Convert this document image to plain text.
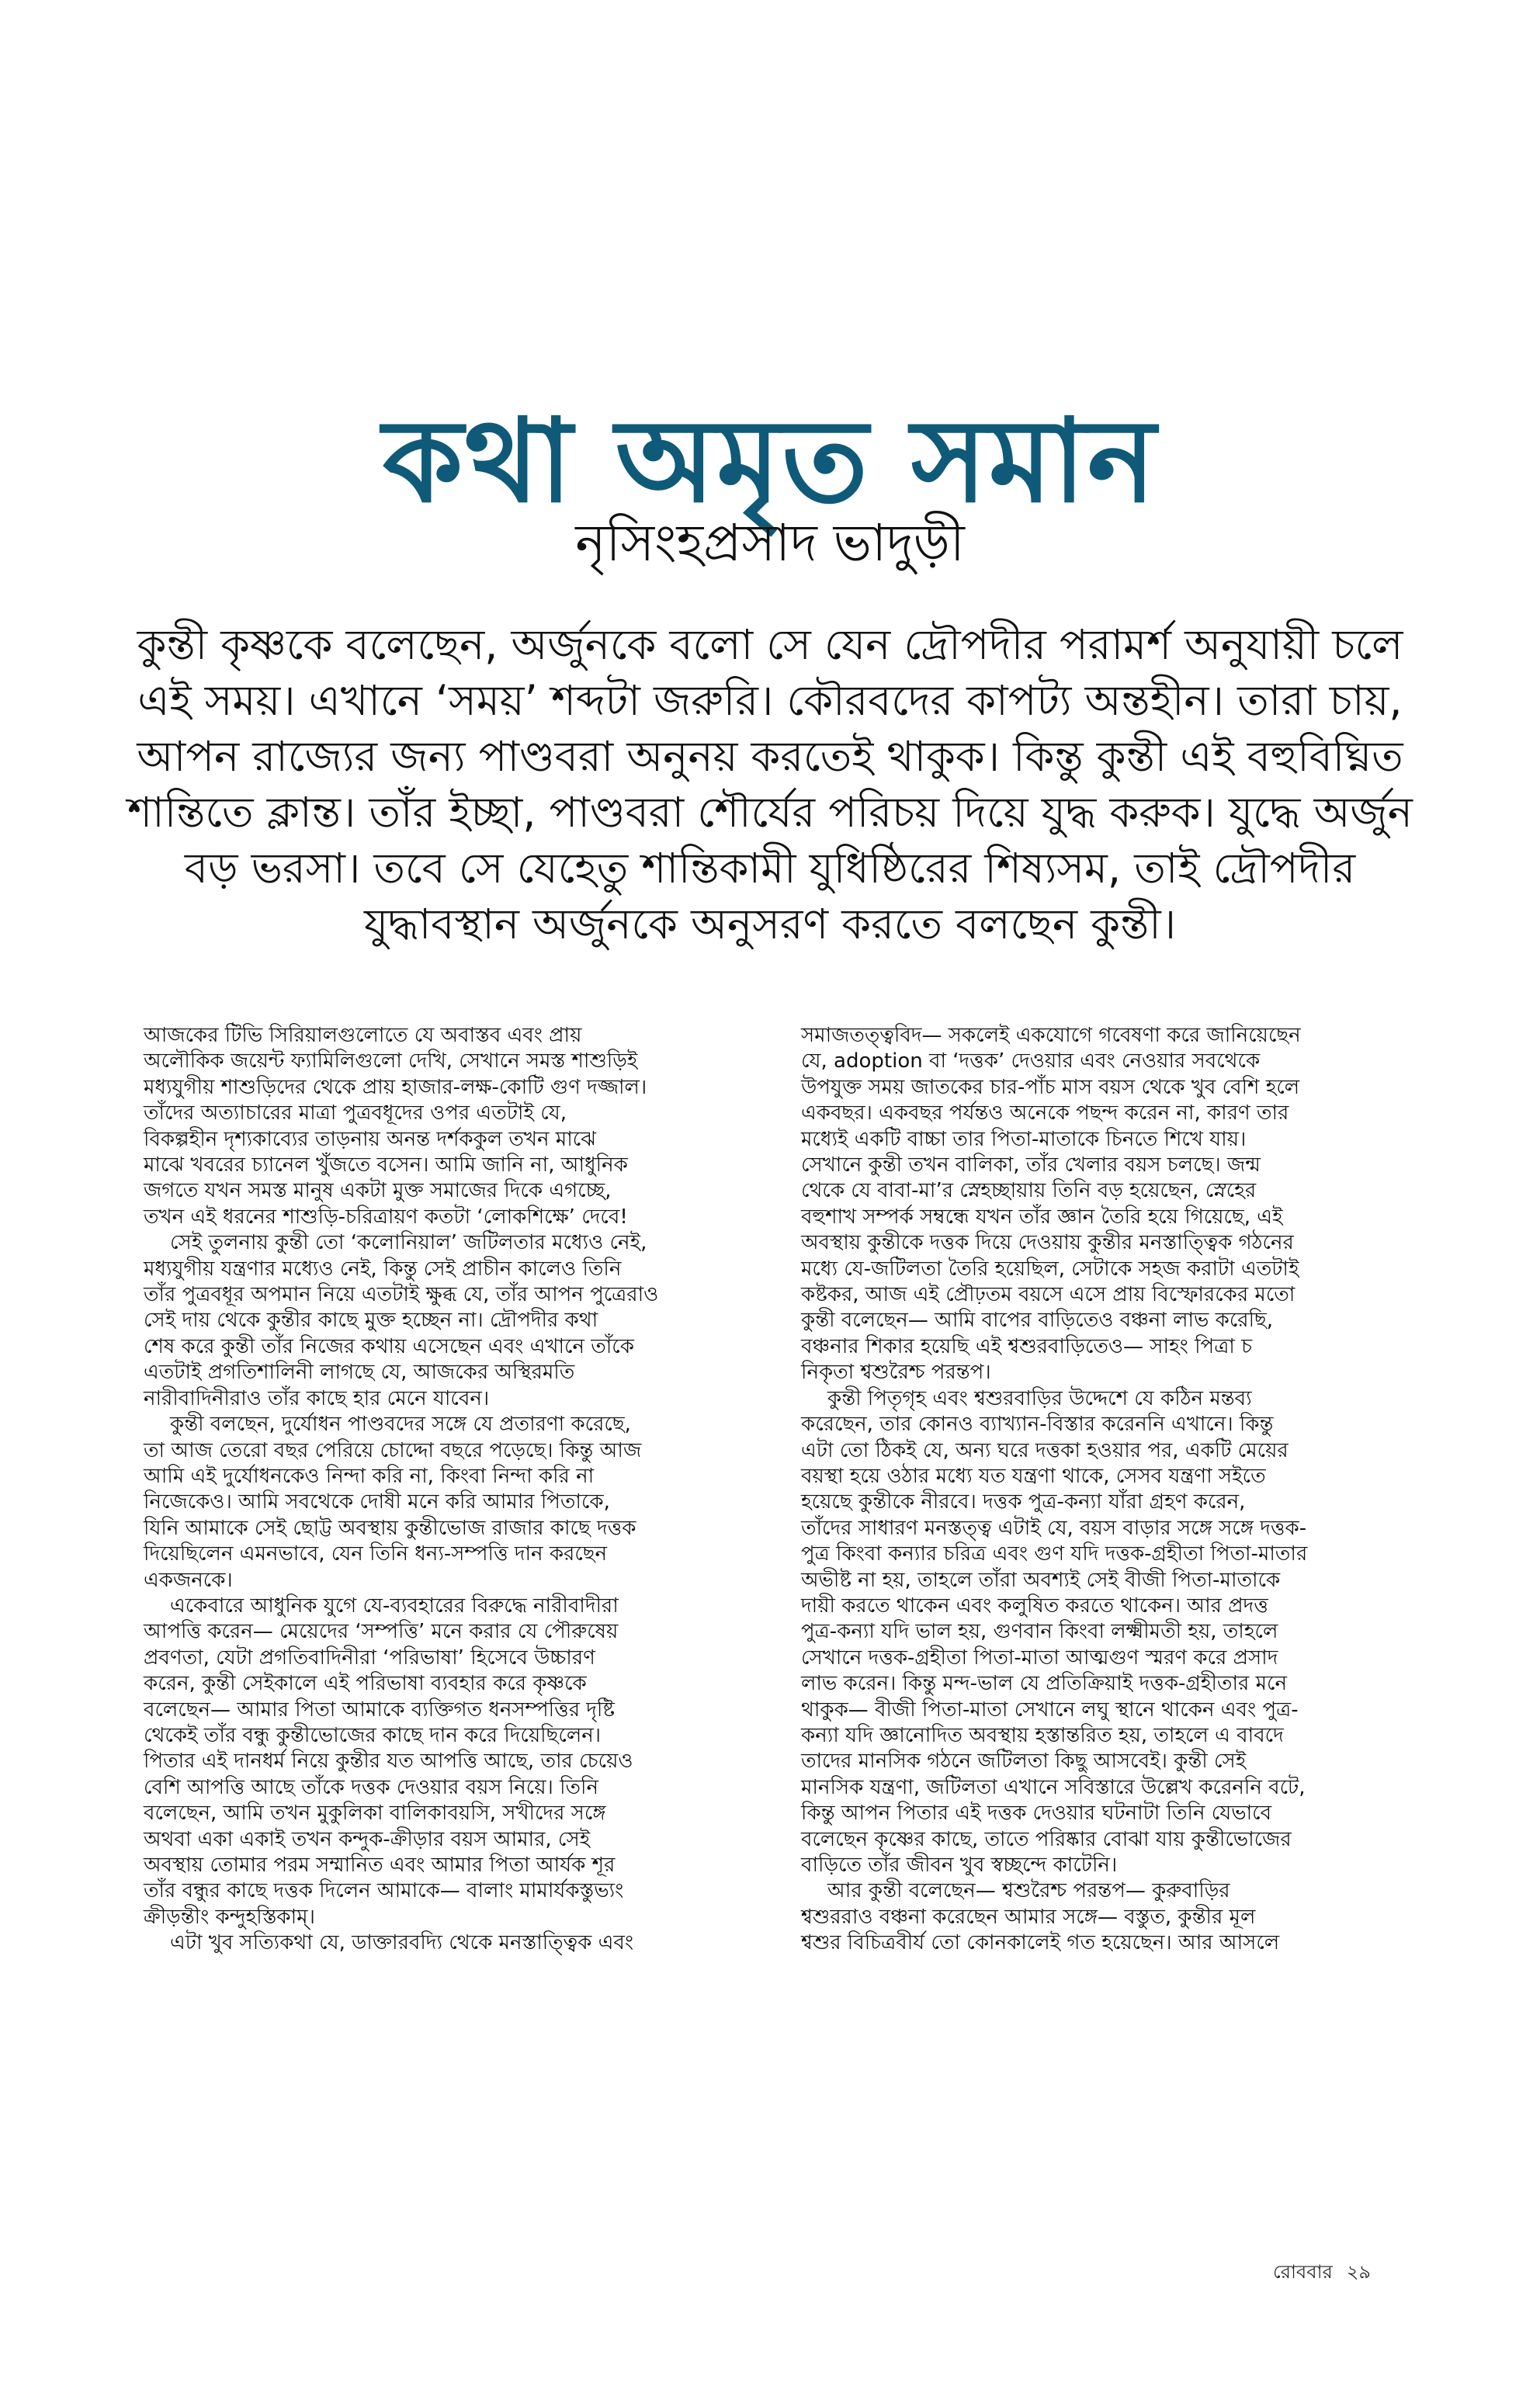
কথা অমৃত সমান
নৃসিংহপ্রসাদ ভাদুড়ী
কুন্তী কৃষ্ণকে বলেছেন, অর্জুনকে বলো সে যেন দ্রৌপদীর পরামর্শ অনুযায়ী চলে
এই সময়। এখানে ‘সময়’ শব্দটা জরুরি। কৌরবদের কাপট্য অন্তহীন। তারা চায়,
আপন রাজ্যের জন্য পাণ্ডবরা অনুনয় করতেই থাকুক। কিন্তু কুন্তী এই বহুবিঘ্নিত
শান্তিতে ক্লান্ত। তাঁর ইচ্ছা, পাণ্ডবরা শৌর্যের পরিচয় দিয়ে যুদ্ধ করুক। যুদ্ধে অর্জুন
বড় ভরসা। তবে সে যেহেতু শান্তিকামী যুধিষ্ঠিরের শিষ্যসম, তাই দ্রৌপদীর
যুদ্ধাবস্থান অর্জুনকে অনুসরণ করতে বলছেন কুন্তী।
আজকের টিভি সিরিয়ালগুলোতে যে অবাস্তব এবং প্রায়
অলৌকিক জয়েন্ট ফ্যামিলিগুলো দেখি, সেখানে সমস্ত শাশুড়িই
মধ্যযুগীয় শাশুড়িদের থেকে প্রায় হাজার-লক্ষ-কোটি গুণ দজ্জাল।
তাঁদের অত্যাচারের মাত্রা পুত্রবধূদের ওপর এতটাই যে,
বিকল্পহীন দৃশ্যকাব্যের তাড়নায় অনন্ত দর্শককুল তখন মাঝে
মাঝে খবরের চ্যানেল খুঁজতে বসেন। আমি জানি না, আধুনিক
জগতে যখন সমস্ত মানুষ একটা মুক্ত সমাজের দিকে এগচ্ছে,
তখন এই ধরনের শাশুড়ি-চরিত্রায়ণ কতটা ‘লোকশিক্ষে’ দেবে!
সেই তুলনায় কুন্তী তো ‘কলোনিয়াল’ জটিলতার মধ্যেও নেই,
মধ্যযুগীয় যন্ত্রণার মধ্যেও নেই, কিন্তু সেই প্রাচীন কালেও তিনি
তাঁর পুত্রবধূর অপমান নিয়ে এতটাই ক্ষুব্ধ যে, তাঁর আপন পুত্রেরাও
সেই দায় থেকে কুন্তীর কাছে মুক্ত হচ্ছেন না। দ্রৌপদীর কথা
শেষ করে কুন্তী তাঁর নিজের কথায় এসেছেন এবং এখানে তাঁকে
এতটাই প্রগতিশালিনী লাগছে যে, আজকের অস্থিরমতি
নারীবাদিনীরাও তাঁর কাছে হার মেনে যাবেন।
কুন্তী বলছেন, দুর্যোধন পাণ্ডবদের সঙ্গে যে প্রতারণা করেছে,
তা আজ তেরো বছর পেরিয়ে চোদ্দো বছরে পড়েছে। কিন্তু আজ
আমি এই দুর্যোধনকেও নিন্দা করি না, কিংবা নিন্দা করি না
নিজেকেও। আমি সবথেকে দোষী মনে করি আমার পিতাকে,
যিনি আমাকে সেই ছোট্ট অবস্থায় কুন্তীভোজ রাজার কাছে দত্তক
দিয়েছিলেন এমনভাবে, যেন তিনি ধন্য-সম্পত্তি দান করছেন
একজনকে।
একেবারে আধুনিক যুগে যে-ব্যবহারের বিরুদ্ধে নারীবাদীরা
আপত্তি করেন— মেয়েদের ‘সম্পত্তি’ মনে করার যে পৌরুষেয়
প্রবণতা, যেটা প্রগতিবাদিনীরা ‘পরিভাষা’ হিসেবে উচ্চারণ
করেন, কুন্তী সেইকালে এই পরিভাষা ব্যবহার করে কৃষ্ণকে
বলেছেন— আমার পিতা আমাকে ব্যক্তিগত ধনসম্পত্তির দৃষ্টি
থেকেই তাঁর বন্ধু কুন্তীভোজের কাছে দান করে দিয়েছিলেন।
পিতার এই দানধর্ম নিয়ে কুন্তীর যত আপত্তি আছে, তার চেয়েও
বেশি আপত্তি আছে তাঁকে দত্তক দেওয়ার বয়স নিয়ে। তিনি
বলেছেন, আমি তখন মুকুলিকা বালিকাবয়সি, সখীদের সঙ্গে
অথবা একা একাই তখন কন্দুক-ক্রীড়ার বয়স আমার, সেই
অবস্থায় তোমার পরম সম্মানিত এবং আমার পিতা আর্যক শূর
তাঁর বন্ধুর কাছে দত্তক দিলেন আমাকে— বালাং মামার্যকস্তুভ্যং
ক্রীড়ন্তীং কন্দুহস্তিকাম্।
এটা খুব সত্যিকথা যে, ডাক্তারবদ্যি থেকে মনস্তাত্ত্বিক এবং
সমাজতত্ত্ববিদ— সকলেই একযোগে গবেষণা করে জানিয়েছেন
যে, adoption বা ‘দত্তক’ দেওয়ার এবং নেওয়ার সবথেকে
উপযুক্ত সময় জাতকের চার-পাঁচ মাস বয়স থেকে খুব বেশি হলে
একবছর। একবছর পর্যন্তও অনেকে পছন্দ করেন না, কারণ তার
মধ্যেই একটি বাচ্চা তার পিতা-মাতাকে চিনতে শিখে যায়।
সেখানে কুন্তী তখন বালিকা, তাঁর খেলার বয়স চলছে। জন্ম
থেকে যে বাবা-মা’র স্নেহচ্ছায়ায় তিনি বড় হয়েছেন, স্নেহের
বহুশাখ সম্পর্ক সম্বন্ধে যখন তাঁর জ্ঞান তৈরি হয়ে গিয়েছে, এই
অবস্থায় কুন্তীকে দত্তক দিয়ে দেওয়ায় কুন্তীর মনস্তাত্ত্বিক গঠনের
মধ্যে যে-জটিলতা তৈরি হয়েছিল, সেটাকে সহজ করাটা এতটাই
কষ্টকর, আজ এই প্রৌঢ়তম বয়সে এসে প্রায় বিস্ফোরকের মতো
কুন্তী বলেছেন— আমি বাপের বাড়িতেও বঞ্চনা লাভ করেছি,
বঞ্চনার শিকার হয়েছি এই শ্বশুরবাড়িতেও— সাহং পিত্রা চ
নিকৃতা শ্বশুরৈশ্চ পরন্তপ।
কুন্তী পিতৃগৃহ এবং শ্বশুরবাড়ির উদ্দেশে যে কঠিন মন্তব্য
করেছেন, তার কোনও ব্যাখ্যান-বিস্তার করেননি এখানে। কিন্তু
এটা তো ঠিকই যে, অন্য ঘরে দত্তকা হওয়ার পর, একটি মেয়ের
বয়স্থা হয়ে ওঠার মধ্যে যত যন্ত্রণা থাকে, সেসব যন্ত্রণা সইতে
হয়েছে কুন্তীকে নীরবে। দত্তক পুত্র-কন্যা যাঁরা গ্রহণ করেন,
তাঁদের সাধারণ মনস্তত্ত্ব এটাই যে, বয়স বাড়ার সঙ্গে সঙ্গে দত্তক-
পুত্র কিংবা কন্যার চরিত্র এবং গুণ যদি দত্তক-গ্রহীতা পিতা-মাতার
অভীষ্ট না হয়, তাহলে তাঁরা অবশ্যই সেই বীজী পিতা-মাতাকে
দায়ী করতে থাকেন এবং কলুষিত করতে থাকেন। আর প্রদত্ত
পুত্র-কন্যা যদি ভাল হয়, গুণবান কিংবা লক্ষ্মীমতী হয়, তাহলে
সেখানে দত্তক-গ্রহীতা পিতা-মাতা আত্মগুণ স্মরণ করে প্রসাদ
লাভ করেন। কিন্তু মন্দ-ভাল যে প্রতিক্রিয়াই দত্তক-গ্রহীতার মনে
থাকুক— বীজী পিতা-মাতা সেখানে লঘু স্থানে থাকেন এবং পুত্র-
কন্যা যদি জ্ঞানোদিত অবস্থায় হস্তান্তরিত হয়, তাহলে এ বাবদে
তাদের মানসিক গঠনে জটিলতা কিছু আসবেই। কুন্তী সেই
মানসিক যন্ত্রণা, জটিলতা এখানে সবিস্তারে উল্লেখ করেননি বটে,
কিন্তু আপন পিতার এই দত্তক দেওয়ার ঘটনাটা তিনি যেভাবে
বলেছেন কৃষ্ণের কাছে, তাতে পরিষ্কার বোঝা যায় কুন্তীভোজের
বাড়িতে তাঁর জীবন খুব স্বচ্ছন্দে কাটেনি।
আর কুন্তী বলেছেন— শ্বশুরৈশ্চ পরন্তপ— কুরুবাড়ির
শ্বশুররাও বঞ্চনা করেছেন আমার সঙ্গে— বস্তুত, কুন্তীর মূল
শ্বশুর বিচিত্রবীর্য তো কোনকালেই গত হয়েছেন। আর আসলে
রোববার ২৯
